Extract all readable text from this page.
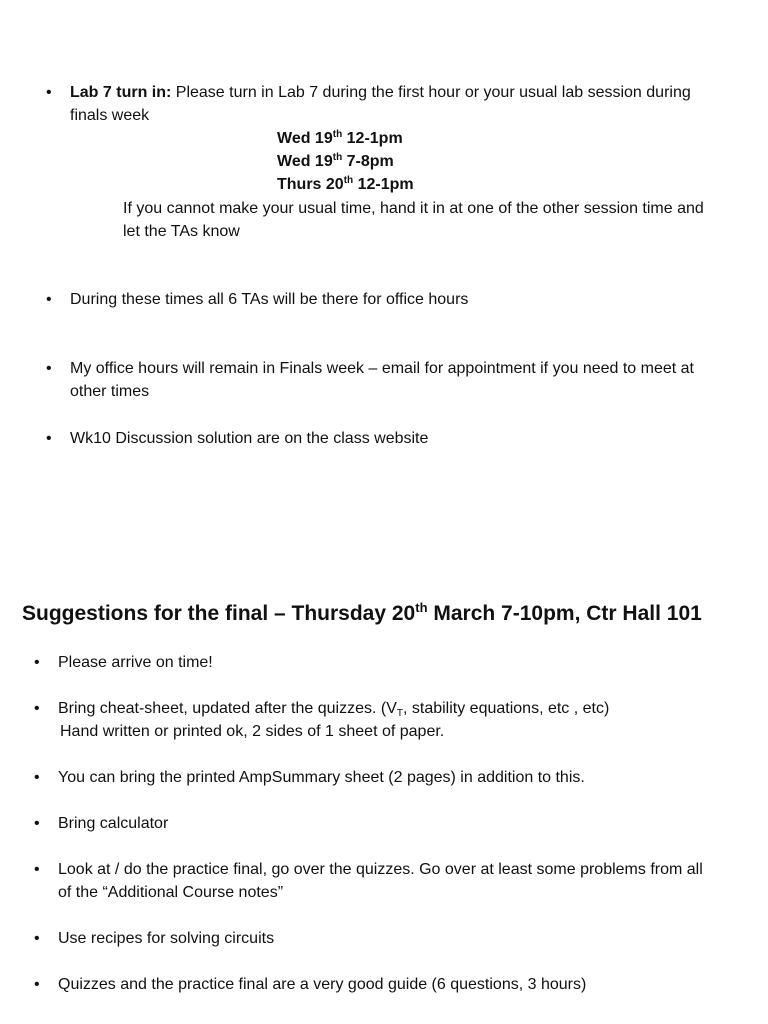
• Lab 7 turn in: Please turn in Lab 7 during the first hour or your usual lab session during finals week
Wed 19th 12-1pm
Wed 19th 7-8pm
Thurs 20th 12-1pm
If you cannot make your usual time, hand it in at one of the other session time and let the TAs know
• During these times all 6 TAs will be there for office hours
• My office hours will remain in Finals week – email for appointment if you need to meet at other times
• Wk10 Discussion solution are on the class website
Suggestions for the final – Thursday 20th March 7-10pm, Ctr Hall 101
• Please arrive on time!
• Bring cheat-sheet, updated after the quizzes. ($V_T$, stability equations, etc , etc)
Hand written or printed ok, 2 sides of 1 sheet of paper.
• You can bring the printed AmpSummary sheet (2 pages) in addition to this.
• Bring calculator
• Look at / do the practice final, go over the quizzes. Go over at least some problems from all of the “Additional Course notes”
• Use recipes for solving circuits
• Quizzes and the practice final are a very good guide (6 questions, 3 hours)
